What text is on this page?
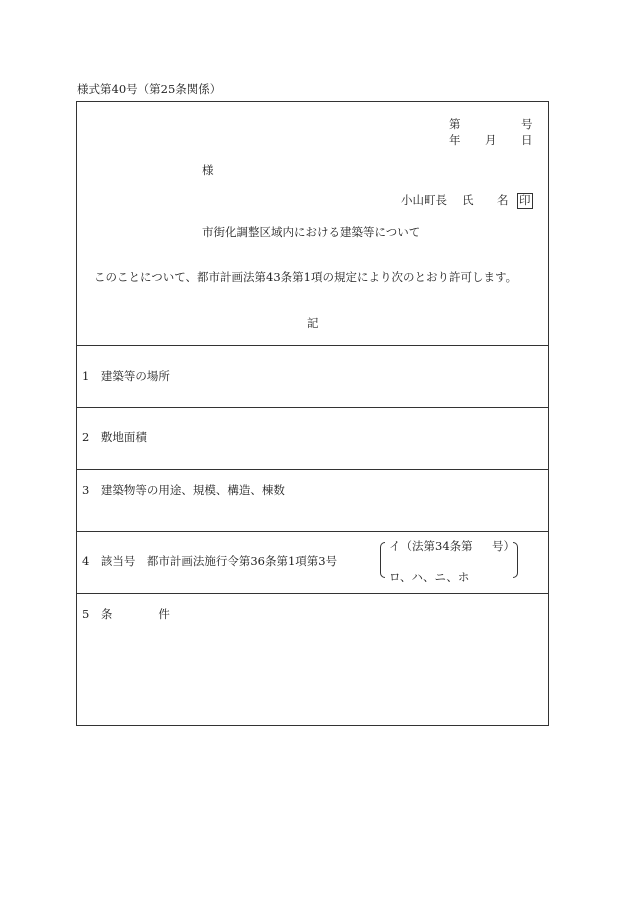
様式第40号（第25条関係）
第	号
年 月 日
様
小山町長 氏 名 印
市街化調整区域内における建築等について
このことについて、都市計画法第43条第1項の規定により次のとおり許可します。
記
1　建築等の場所
2　敷地面積
3　建築物等の用途、規模、構造、棟数
4　該当号　都市計画法施行令第36条第1項第3号
5　条　　　　件
イ（法第34条第 号）
ロ、ハ、ニ、ホ
